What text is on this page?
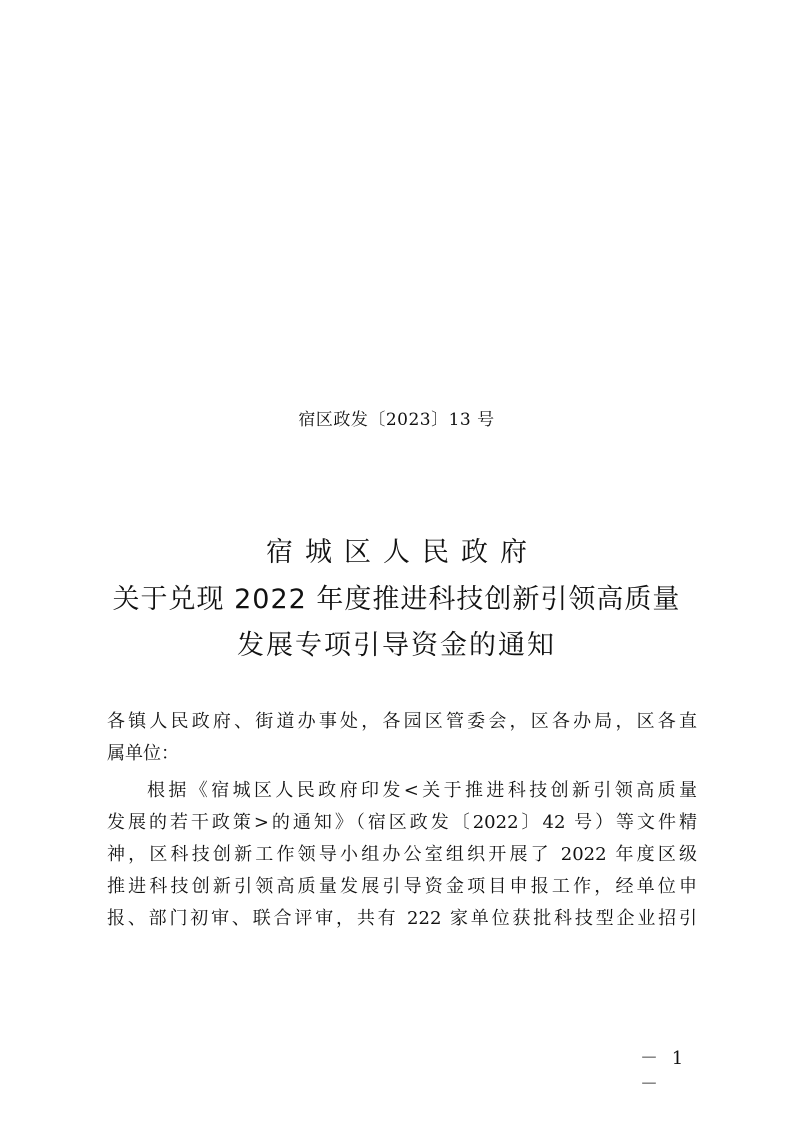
宿区政发〔2023〕13 号
宿城区人民政府
关于兑现 2022 年度推进科技创新引领高质量
发展专项引导资金的通知
各镇人民政府、街道办事处，各园区管委会，区各办局，区各直
属单位：
根据《宿城区人民政府印发<关于推进科技创新引领高质量
发展的若干政策>的通知》（宿区政发〔2022〕42 号）等文件精
神，区科技创新工作领导小组办公室组织开展了 2022 年度区级
推进科技创新引领高质量发展引导资金项目申报工作，经单位申
报、部门初审、联合评审，共有 222 家单位获批科技型企业招引
－ 1 －
